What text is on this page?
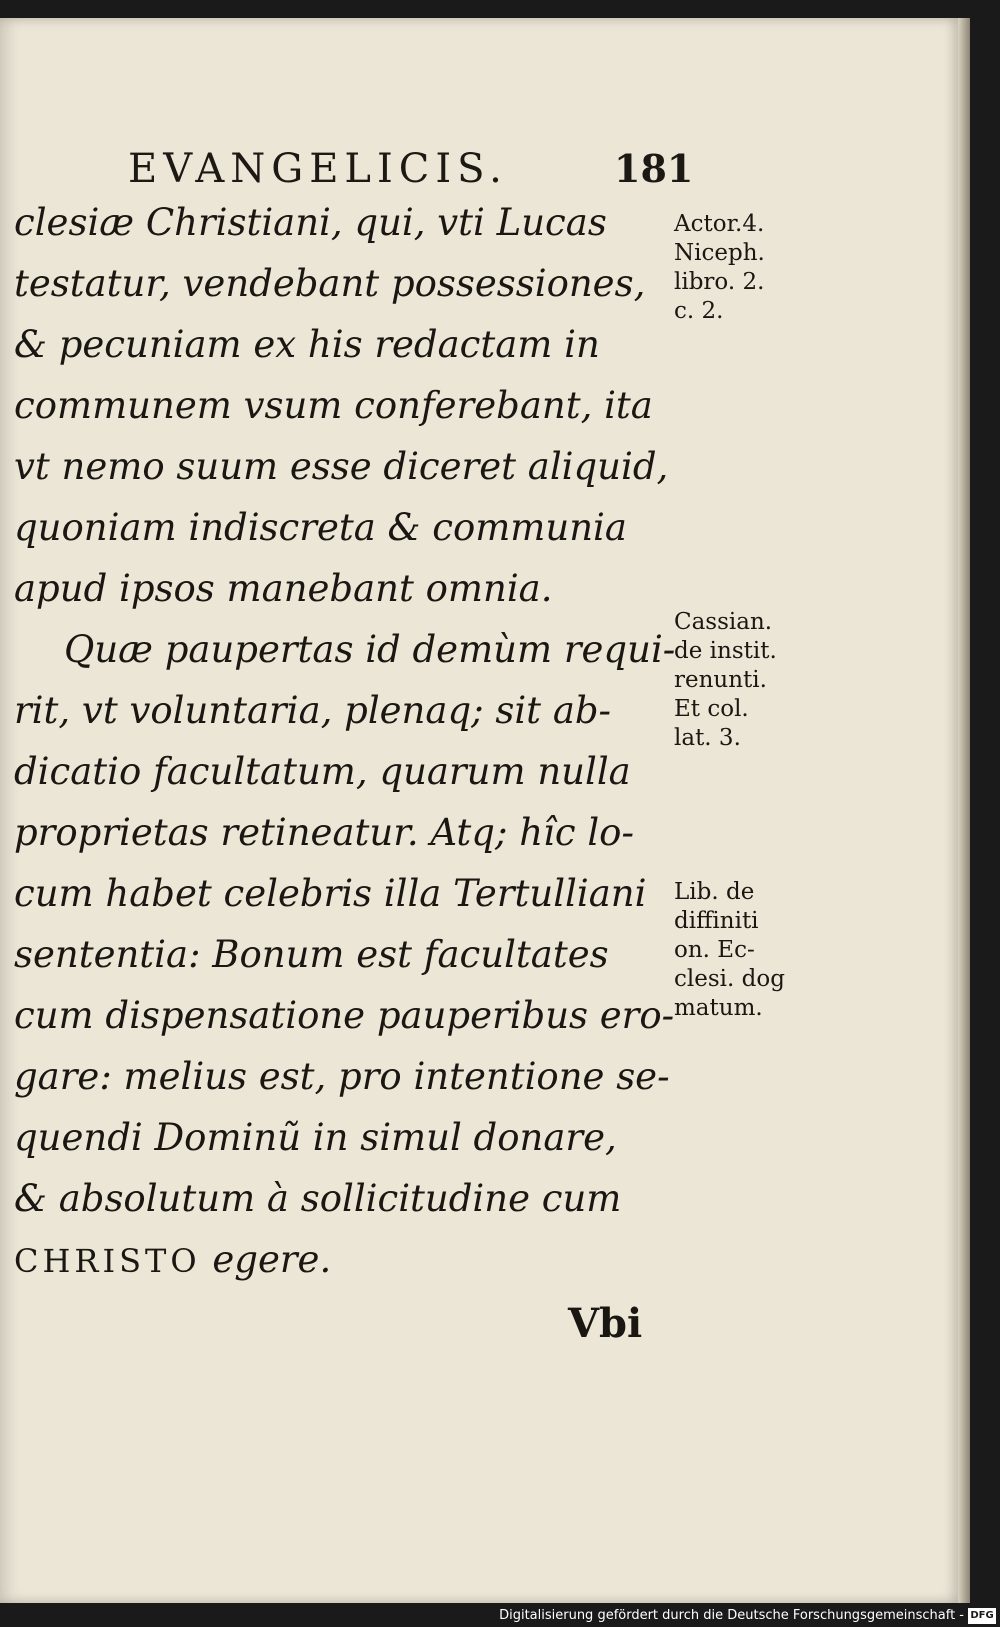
EVANGELICIS.	181
clesiæ Christiani, qui, vti Lucas
testatur, vendebant possessiones,
& pecuniam ex his redactam in
communem vsum conferebant, ita
vt nemo suum esse diceret aliquid,
quoniam indiscreta & communia
apud ipsos manebant omnia.
Quæ paupertas id demùm requi-
rit, vt voluntaria, plenaq; sit ab-
dicatio facultatum, quarum nulla
proprietas retineatur. Atq; hîc lo-
cum habet celebris illa Tertulliani
sententia: Bonum est facultates
cum dispensatione pauperibus ero-
gare: melius est, pro intentione se-
quendi Dominũ in simul donare,
& absolutum à sollicitudine cum
CHRISTO egere.
Vbi
Actor.4.
Niceph.
libro. 2.
c. 2.
Cassian.
de instit.
renunti.
Et col.
lat. 3.
Lib. de
diffiniti
on. Ec-
clesi. dog
matum.
Digitalisierung gefördert durch die Deutsche Forschungsgemeinschaft - DFG
